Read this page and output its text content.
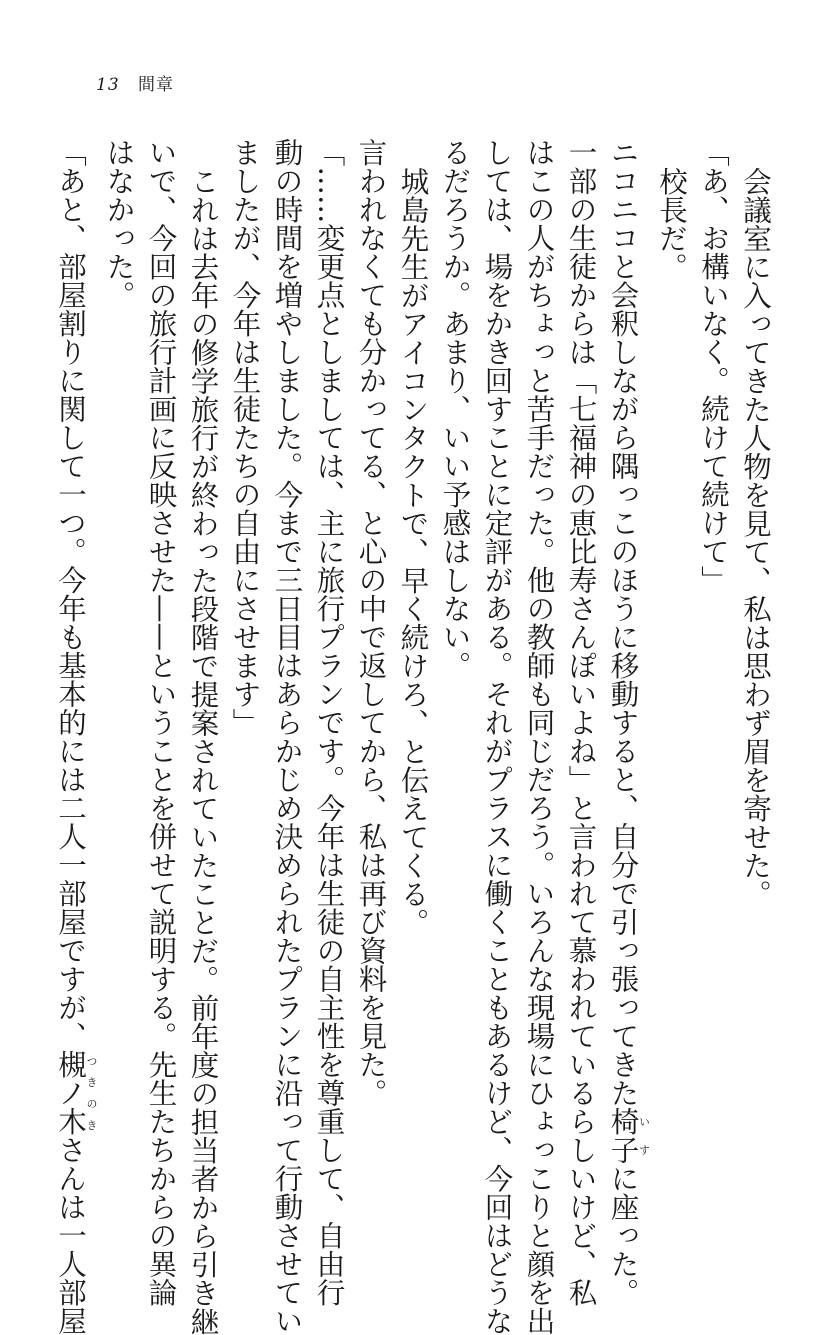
13 間章

会議室に入ってきた人物を見て、私は思わず眉を寄せた。

「あ、お構いなく。続けて続けて」

校長だ。

ニコニコと会釈しながら隅っこのほうに移動すると、自分で引っ張ってきた椅子いすに座った。

一部の生徒からは「七福神の恵比寿さんぽいよね」と言われて慕われているらしいけど、私

はこの人がちょっと苦手だった。他の教師も同じだろう。いろんな現場にひょっこりと顔を出

しては、場をかき回すことに定評がある。それがプラスに働くこともあるけど、今回はどうな

るだろうか。あまり、いい予感はしない。

城島先生がアイコンタクトで、早く続けろ、と伝えてくる。

言われなくても分かってる、と心の中で返してから、私は再び資料を見た。

「……変更点としましては、主に旅行プランです。今年は生徒の自主性を尊重して、自由行

動の時間を増やしました。今まで三日目はあらかじめ決められたプランに沿って行動させてい

ましたが、今年は生徒たちの自由にさせます」

これは去年の修学旅行が終わった段階で提案されていたことだ。前年度の担当者から引き継

いで、今回の旅行計画に反映させた——ということを併せて説明する。先生たちからの異論

はなかった。

「あと、部屋割りに関して一つ。今年も基本的には二人一部屋ですが、槻ノ木つきのきさんは一人部屋
